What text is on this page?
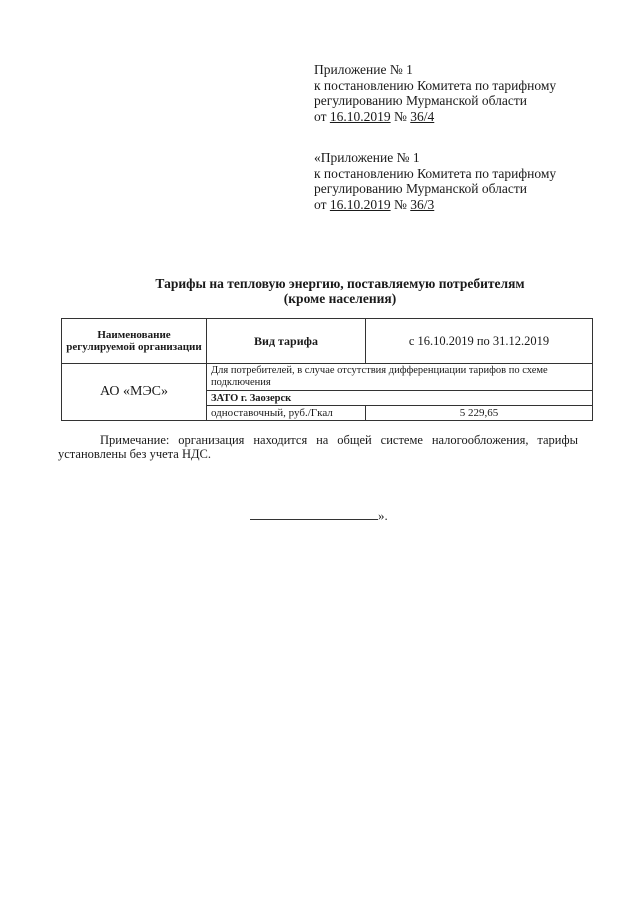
Приложение № 1
к постановлению Комитета по тарифному
регулированию Мурманской области
от 16.10.2019 № 36/4
«Приложение № 1
к постановлению Комитета по тарифному
регулированию Мурманской области
от 16.10.2019 № 36/3
Тарифы на тепловую энергию, поставляемую потребителям
(кроме населения)
Наименование регулируемой организации	Вид тарифа	с 16.10.2019 по 31.12.2019
АО «МЭС»	Для потребителей, в случае отсутствия дифференциации тарифов по схеме подключения	
	ЗАТО г. Заозерск	
	одноставочный, руб./Гкал	5 229,65
Примечание: организация находится на общей системе налогообложения, тарифы установлены без учета НДС.
».
